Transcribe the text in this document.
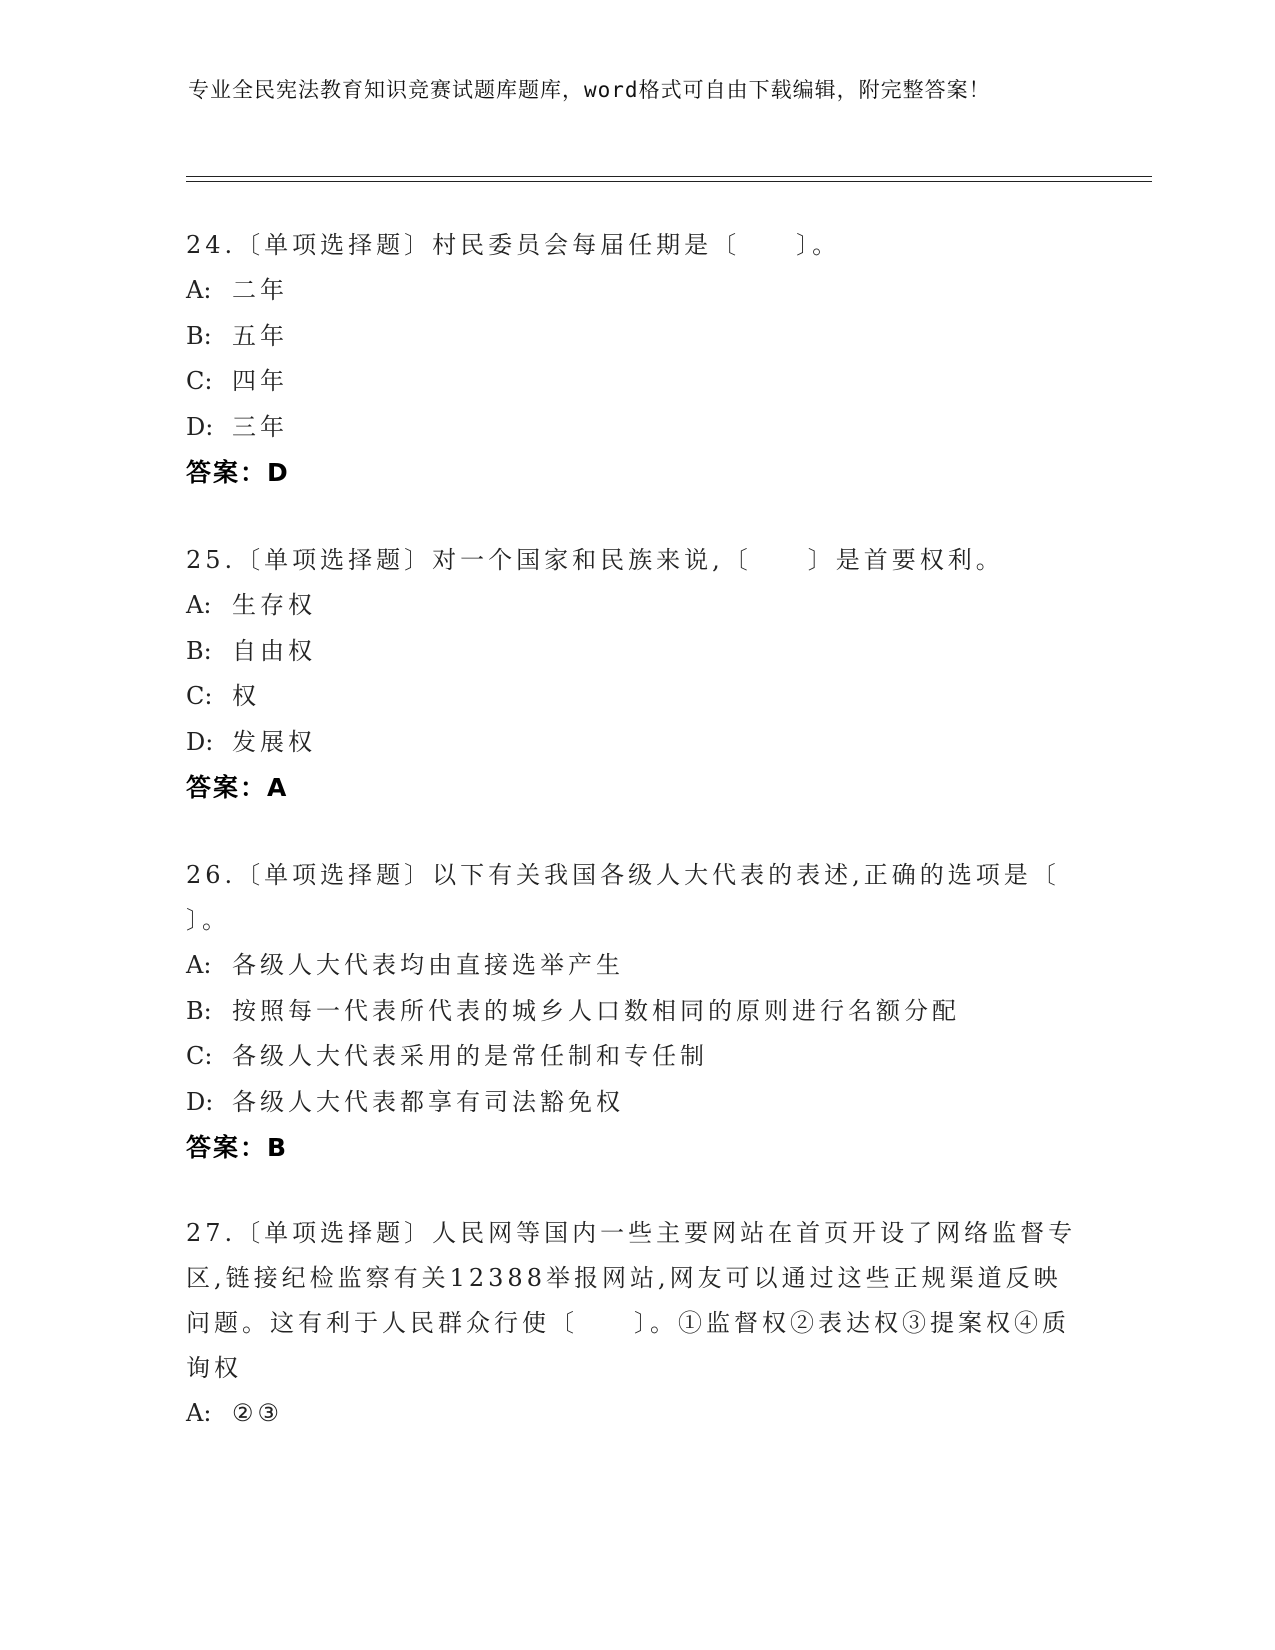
专业全民宪法教育知识竞赛试题库题库，word格式可自由下载编辑，附完整答案！
24.〔单项选择题〕村民委员会每届任期是〔　　〕。
A: 二年
B: 五年
C: 四年
D: 三年
答案：D
25.〔单项选择题〕对一个国家和民族来说,〔　　〕是首要权利。
A: 生存权
B: 自由权
C: 权
D: 发展权
答案：A
26.〔单项选择题〕以下有关我国各级人大代表的表述,正确的选项是〔　　〕。
A: 各级人大代表均由直接选举产生
B: 按照每一代表所代表的城乡人口数相同的原则进行名额分配
C: 各级人大代表采用的是常任制和专任制
D: 各级人大代表都享有司法豁免权
答案：B
27.〔单项选择题〕人民网等国内一些主要网站在首页开设了网络监督专区,链接纪检监察有关12388举报网站,网友可以通过这些正规渠道反映问题。这有利于人民群众行使〔　　〕。①监督权②表达权③提案权④质询权
A: ②③
